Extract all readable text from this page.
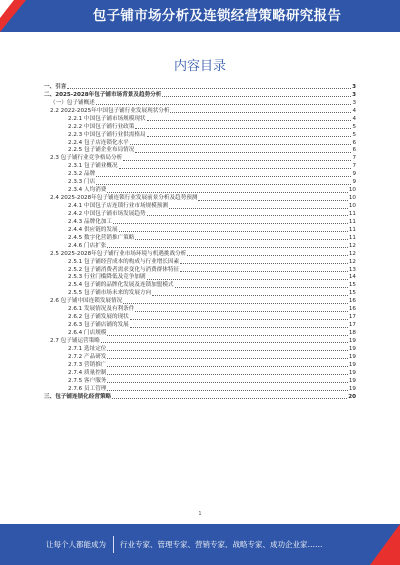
包子铺市场分析及连锁经营策略研究报告
内容目录
一、引言	3
二、2025-2028年包子铺市场背景及趋势分析	3
（一）包子铺概述	3
2.2 2022-2025年中国包子铺行业发展现状分析	4
2.2.1 中国包子铺市场规模现状	4
2.2.2 中国包子铺行业政策	5
2.2.3 中国包子铺行业供需格局	5
2.2.4 包子店连锁化水平	6
2.2.5 包子铺企业布局情况	6
2.3 包子铺行业竞争格局分析	7
2.3.1 包子铺业概况	7
2.3.2 品牌	9
2.3.3 门店	9
2.3.4 人均消费	10
2.4 2025-2028年包子铺连锁行业发展前景分析及趋势预测	10
2.4.1 中国包子店连锁行业市场规模预测	10
2.4.2 中国包子铺市场发展趋势	11
2.4.3 品牌化加工	11
2.4.4 供应链的发展	11
2.4.5 数字化营销推广策略	11
2.4.6 门店扩张	12
2.5 2025-2028年包子铺行业市场环境与机遇挑战分析	12
2.5.1 包子铺经营成本的构成与行业增长因素	12
2.5.2 包子铺消费者需求变化与消费群体特征	13
2.5.3 行业门槛降低及竞争加剧	14
2.5.4 包子铺的品牌化发展及连锁加盟模式	15
2.5.5 包子铺市场未来的发展方向	15
2.6 包子铺中国连锁发展情况	16
2.6.1 发展情况及有利条件	16
2.6.2 包子铺发展的现状	17
2.6.3 包子铺店铺的发展	17
2.6.4 门店规模	18
2.7 包子铺运营策略	19
2.7.1 选址定位	19
2.7.2 产品研发	19
2.7.3 营销推广	19
2.7.4 质量控制	19
2.7.5 客户服务	19
2.7.6 员工管理	19
三、包子铺连锁化经营策略	20
1
让每个人都能成为 行业专家、管理专家、营销专家、战略专家、成功企业家……
